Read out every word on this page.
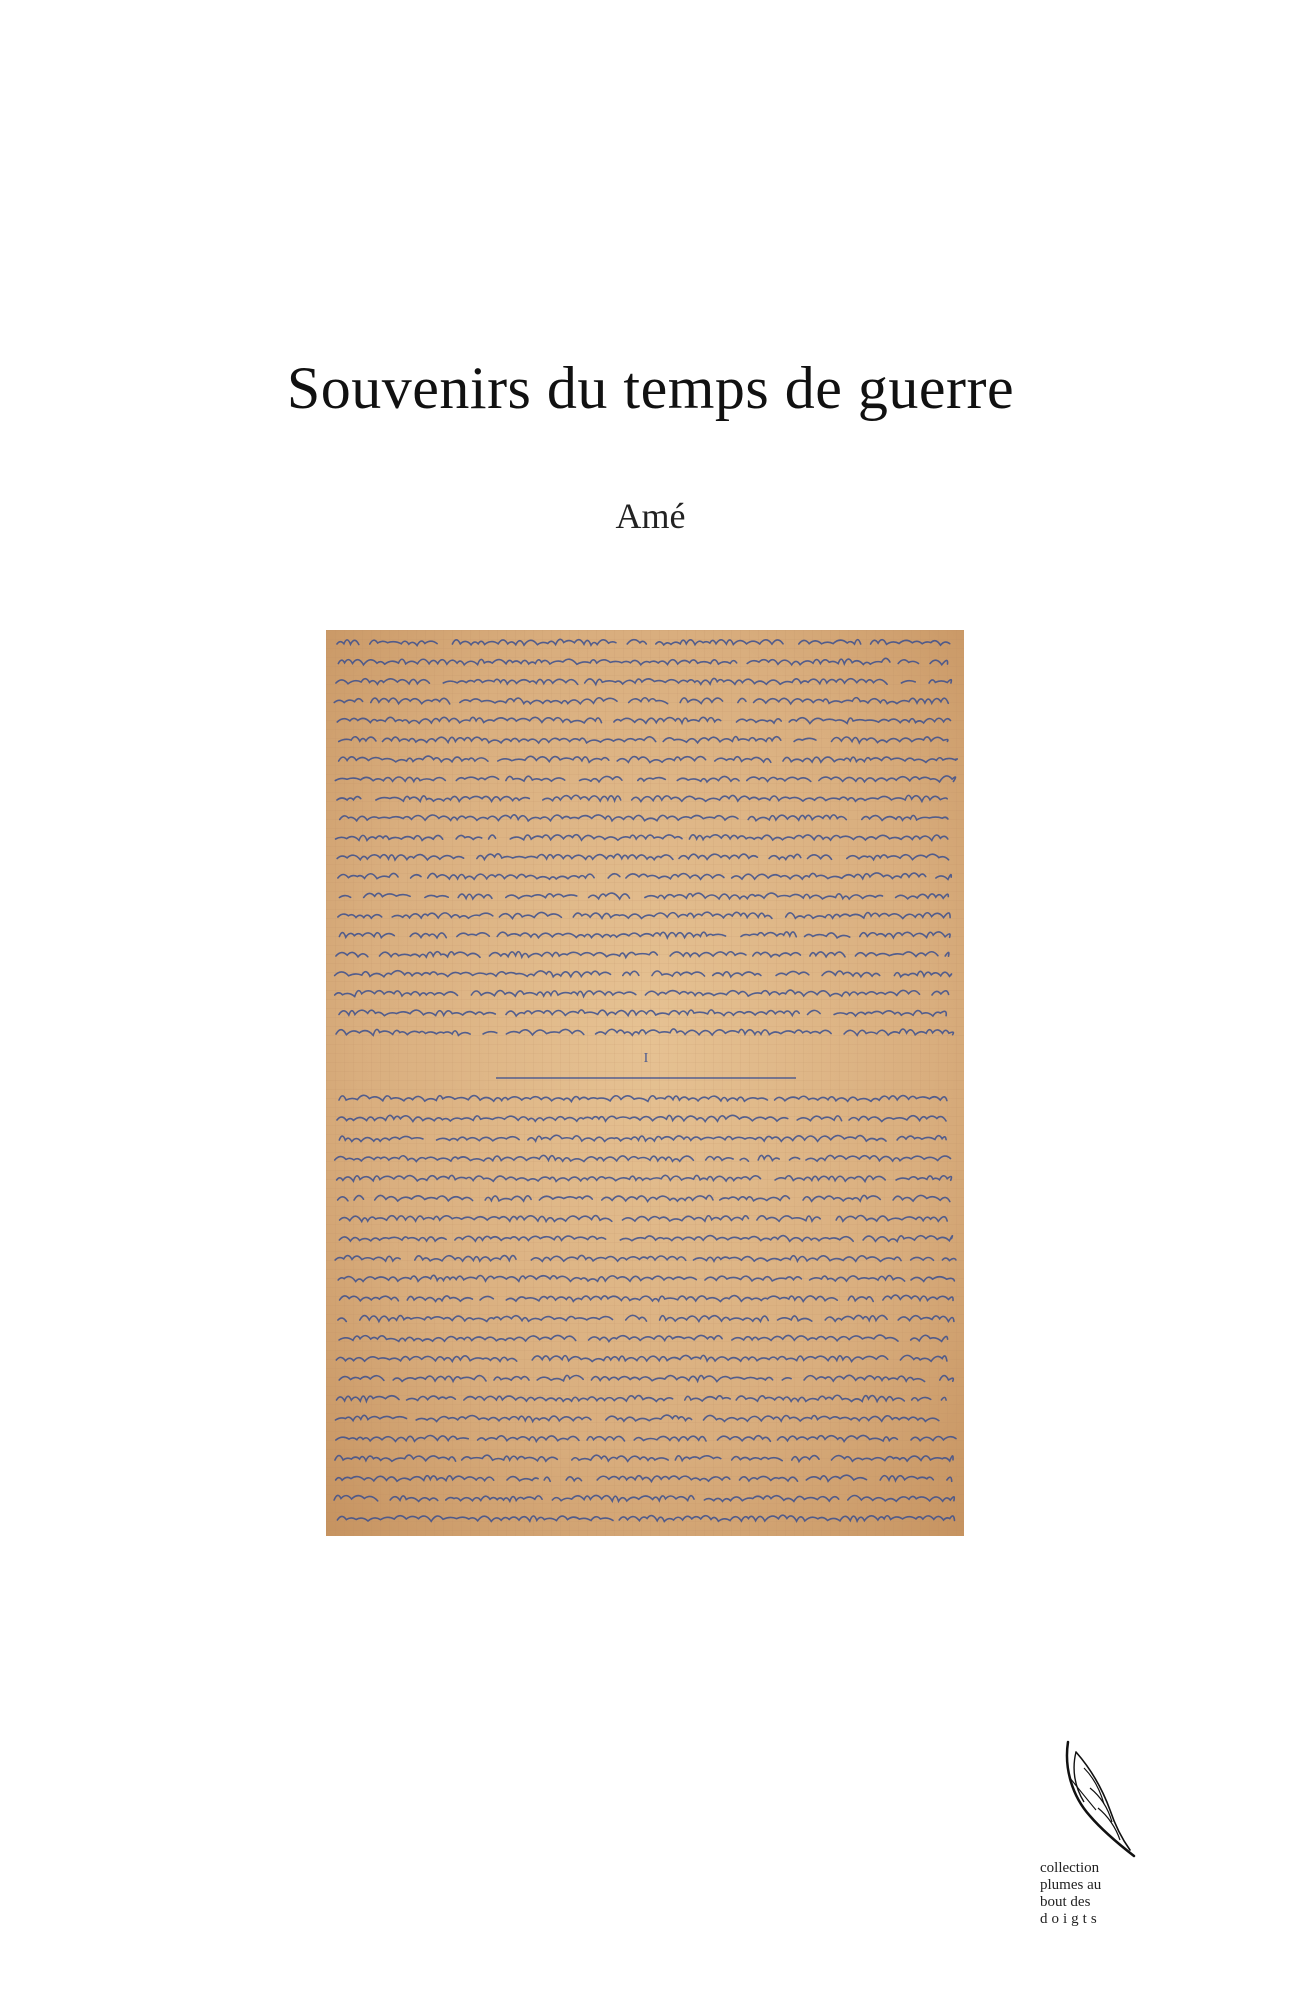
Souvenirs du temps de guerre
Amé
I
collection
plumes au
bout des
doigts
